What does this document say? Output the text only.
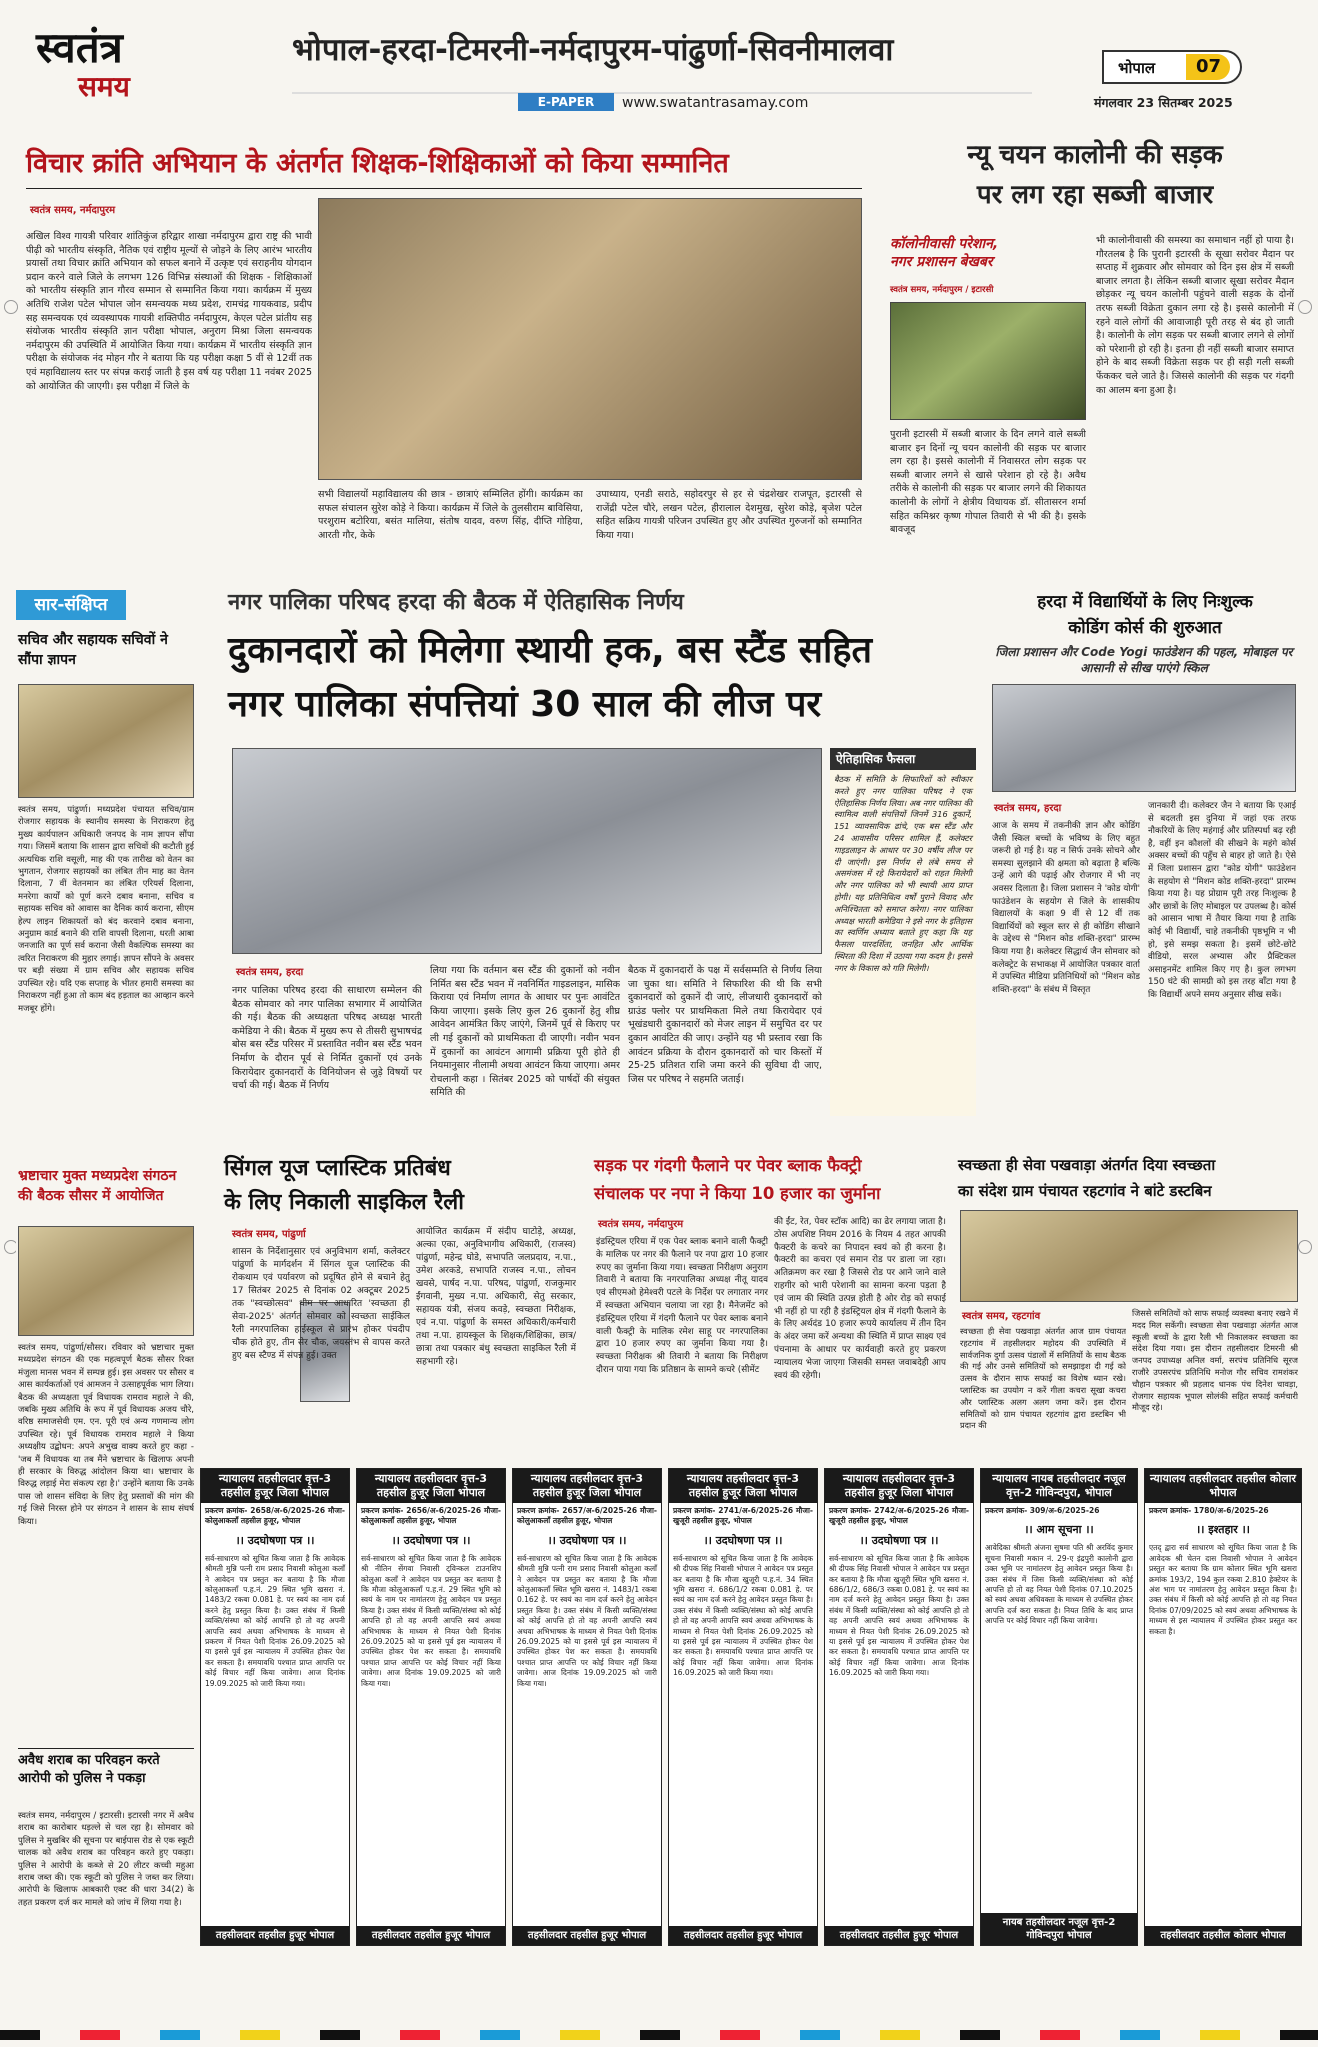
स्वतंत्र
समय
भोपाल-हरदा-टिमरनी-नर्मदापुरम-पांढुर्णा-सिवनीमालवा
E-PAPER	www.swatantrasamay.com
भोपाल 07
मंगलवार 23 सितम्बर 2025
विचार क्रांति अभियान के अंतर्गत शिक्षक-शिक्षिकाओं को किया सम्मानित
स्वतंत्र समय, नर्मदापुरम
अखिल विश्व गायत्री परिवार शांतिकुंज हरिद्वार शाखा नर्मदापुरम द्वारा राष्ट्र की भावी पीढ़ी को भारतीय संस्कृति, नैतिक एवं राष्ट्रीय मूल्यों से जोड़ने के लिए आरंभ भारतीय प्रयासों तथा विचार क्रांति अभियान को सफल बनाने में उत्कृष्ट एवं सराहनीय योगदान प्रदान करने वाले जिले के लगभग 126 विभिन्न संस्थाओं की शिक्षक - शिक्षिकाओं को भारतीय संस्कृति ज्ञान गौरव सम्मान से सम्मानित किया गया। कार्यक्रम में मुख्य अतिथि राजेश पटेल भोपाल जोन समन्वयक मध्य प्रदेश, रामचंद्र गायकवाड, प्रदीप सह समन्वयक एवं व्यवस्थापक गायत्री शक्तिपीठ नर्मदापुरम, केएल पटेल प्रांतीय सह संयोजक भारतीय संस्कृति ज्ञान परीक्षा भोपाल, अनुराग मिश्रा जिला समन्वयक नर्मदापुरम की उपस्थिति में आयोजित किया गया। कार्यक्रम में भारतीय संस्कृति ज्ञान परीक्षा के संयोजक नंद मोहन गौर ने बताया कि यह परीक्षा कक्षा 5 वीं से 12वीं तक एवं महाविद्यालय स्तर पर संपन्न कराई जाती है इस वर्ष यह परीक्षा 11 नवंबर 2025 को आयोजित की जाएगी। इस परीक्षा में जिले के
सभी विद्यालयों महाविद्यालय की छात्र - छात्राएं सम्मिलित होंगी। कार्यक्रम का सफल संचालन सुरेश कोड़े ने किया। कार्यक्रम में जिले के तुलसीराम बाविसिया, परशुराम बटोरिया, बसंत मालिया, संतोष यादव, वरुण सिंह, दीप्ति गोहिया, आरती गौर, केके
उपाध्याय, एनडी सराठे, सहोदरपुर से हर से चंद्रशेखर राजपूत, इटारसी से राजेंद्री पटेल चौरे, लखन पटेल, हीरालाल देशमुख, सुरेश कोड़े, बृजेश पटेल सहित सक्रिय गायत्री परिजन उपस्थित हुए और उपस्थित गुरुजनों को सम्मानित किया गया।
न्यू चयन कालोनी की सड़क
पर लग रहा सब्जी बाजार
कॉलोनीवासी परेशान,
नगर प्रशासन बेखबर
स्वतंत्र समय, नर्मदापुरम / इटारसी
पुरानी इटारसी में सब्जी बाजार के दिन लगने वाले सब्जी बाजार इन दिनों न्यू चयन कालोनी की सड़क पर बाजार लग रहा है। इससे कालोनी में निवासरत लोग सड़क पर सब्जी बाजार लगने से खासे परेशान हो रहे है। अवैध तरीके से कालोनी की सड़क पर बाजार लगने की शिकायत कालोनी के लोगों ने क्षेत्रीय विधायक डॉ. सीतासरन शर्मा सहित कमिश्नर कृष्ण गोपाल तिवारी से भी की है। इसके बावजूद
भी कालोनीवासी की समस्या का समाधान नहीं हो पाया है। गौरतलब है कि पुरानी इटारसी के सूखा सरोवर मैदान पर सप्ताह में शुक्रवार और सोमवार को दिन इस क्षेत्र में सब्जी बाजार लगता है। लेकिन सब्जी बाजार सूखा सरोवर मैदान छोड़कर न्यू चयन कालोनी पहुंचने वाली सड़क के दोनों तरफ सब्जी विक्रेता दुकान लगा रहे है। इससे कालोनी में रहने वाले लोगों की आवाजाही पूरी तरह से बंद हो जाती है। कालोनी के लोग सड़क पर सब्जी बाजार लगने से लोगों को परेशानी हो रही है। इतना ही नहीं सब्जी बाजार समाप्त होने के बाद सब्जी विक्रेता सड़क पर ही सड़ी गली सब्जी फेंककर चले जाते है। जिससे कालोनी की सड़क पर गंदगी का आलम बना हुआ है।
सार-संक्षिप्त
सचिव और सहायक सचिवों ने सौंपा ज्ञापन
स्वतंत्र समय, पांढुर्णा। मध्यप्रदेश पंचायत सचिव/ग्राम रोजगार सहायक के स्थानीय समस्या के निराकरण हेतु मुख्य कार्यपालन अधिकारी जनपद के नाम ज्ञापन सौंपा गया। जिसमें बताया कि शासन द्वारा सचिवों की कटौती हुई अत्यधिक राशि वसूली, माह की एक तारीख को वेतन का भुगतान, रोजगार सहायकों का लंबित तीन माह का वेतन दिलाना, 7 वीं वेतनमान का लंबित एरियर्स दिलाना, मनरेगा कार्यों को पूर्ण करने दबाव बनाना, सचिव व सहायक सचिव को आवास का दैनिक कार्य कराना, सीएम हेल्प लाइन शिकायतों को बंद करवाने दबाव बनाना, अनुग्राम कार्ड बनाने की राशि वापसी दिलाना, धरती आबा जनजाति का पूर्ण सर्व कराना जैसी वैकल्पिक समस्या का त्वरित निराकरण की मुहार लगाई। ज्ञापन सौंपने के अवसर पर बड़ी संख्या में ग्राम सचिव और सहायक सचिव उपस्थित रहे। यदि एक सप्ताह के भीतर हमारी समस्या का निराकरण नहीं हुआ तो काम बंद हड़ताल का आव्हान करने मजबूर होंगे।
भ्रष्टाचार मुक्त मध्यप्रदेश संगठन की बैठक सौसर में आयोजित
स्वतंत्र समय, पांढुर्णा/सौसर। रविवार को भ्रष्टाचार मुक्त मध्यप्रदेश संगठन की एक महत्वपूर्ण बैठक सौसर रिक्त मंजुला मानस भवन में सम्पन्न हुई। इस अवसर पर सौसर व आस कार्यकर्ताओं एवं आमजन ने उत्साहपूर्वक भाग लिया। बैठक की अध्यक्षता पूर्व विधायक रामराव महाले ने की, जबकि मुख्य अतिथि के रूप में पूर्व विधायक अजय चौरे, वरिष्ठ समाजसेवी एम. एन. पूरी एवं अन्य गणमान्य लोग उपस्थित रहे। पूर्व विधायक रामराव महाले ने किया अध्यक्षीय उद्बोधन: अपने अभुख वाक्य करते हुए कहा - 'जब मैं विधायक था तब मैंने भ्रष्टाचार के खिलाफ अपनी ही सरकार के विरुद्ध आंदोलन किया था। भ्रष्टाचार के विरुद्ध लड़ाई मेरा संकल्प रहा है।' उन्होंने बताया कि उनके पास जो शासन संविदा के लिए हेतु प्रस्तावों की मांग की गई जिसे निरस्त होने पर संगठन ने शासन के साथ संघर्ष किया।
अवैध शराब का परिवहन करते आरोपी को पुलिस ने पकड़ा
स्वतंत्र समय, नर्मदापुरम / इटारसी। इटारसी नगर में अवैध शराब का कारोबार धड़ल्ले से चल रहा है। सोमवार को पुलिस ने मुखबिर की सूचना पर बाईपास रोड से एक स्कूटी चालक को अवैध शराब का परिवहन करते हुए पकड़ा। पुलिस ने आरोपी के कब्जे से 20 लीटर कच्ची महुआ शराब जब्त की। एक स्कूटी को पुलिस ने जब्त कर लिया। आरोपी के खिलाफ आबकारी एक्ट की धारा 34(2) के तहत प्रकरण दर्ज कर मामले को जांच में लिया गया है।
नगर पालिका परिषद हरदा की बैठक में ऐतिहासिक निर्णय
दुकानदारों को मिलेगा स्थायी हक, बस स्टैंड सहित
नगर पालिका संपत्तियां 30 साल की लीज पर
ऐतिहासिक फैसला
बैठक में समिति के सिफारिशों को स्वीकार करते हुए नगर पालिका परिषद ने एक ऐतिहासिक निर्णय लिया। अब नगर पालिका की स्वामित्व वाली संपत्तियों जिनमें 316 दुकानें, 151 व्यावसायिक ढांचे, एक बस स्टैंड और 24 आवासीय परिसर शामिल हैं, कलेक्टर गाइडलाइन के आधार पर 30 वर्षीय लीज पर दी जाएंगी। इस निर्णय से लंबे समय से असमंजस में रहे किरायेदारों को राहत मिलेगी और नगर पालिका को भी स्थायी आय प्राप्त होगी। यह प्रतिनिधित्व वर्षों पुराने विवाद और अनिश्चितता को समाप्त करेगा। नगर पालिका अध्यक्ष भारती कमेडिया ने इसे नगर के इतिहास का स्वर्णिम अध्याय बताते हुए कहा कि यह फैसला पारदर्शिता, जनहित और आर्थिक स्थिरता की दिशा में उठाया गया कदम है। इससे नगर के विकास को गति मिलेगी।
स्वतंत्र समय, हरदा
नगर पालिका परिषद हरदा की साधारण सम्मेलन की बैठक सोमवार को नगर पालिका सभागार में आयोजित की गई। बैठक की अध्यक्षता परिषद अध्यक्ष भारती कमेडिया ने की। बैठक में मुख्य रूप से तीसरी सुभाषचंद्र बोस बस स्टैंड परिसर में प्रस्तावित नवीन बस स्टैंड भवन निर्माण के दौरान पूर्व से निर्मित दुकानों एवं उनके किरायेदार दुकानदारों के विनियोजन से जुड़े विषयों पर चर्चा की गई। बैठक में निर्णय
लिया गया कि वर्तमान बस स्टैंड की दुकानों को नवीन निर्मित बस स्टैंड भवन में नवनिर्मित गाइडलाइन, मासिक किराया एवं निर्माण लागत के आधार पर पुनः आवंटित किया जाएगा। इसके लिए कुल 26 दुकानों हेतु शीघ्र आवेदन आमंत्रित किए जाएंगे, जिनमें पूर्व से किराए पर ली गई दुकानों को प्राथमिकता दी जाएगी। नवीन भवन में दुकानों का आवंटन आगामी प्रक्रिया पूरी होते ही नियमानुसार नीलामी अथवा आवंटन किया जाएगा। अमर रोचलानी कहा । सितंबर 2025 को पार्षदों की संयुक्त समिति की
बैठक में दुकानदारों के पक्ष में सर्वसम्मति से निर्णय लिया जा चुका था। समिति ने सिफारिश की थी कि सभी दुकानदारों को दुकानें दी जाएं, लीजधारी दुकानदारों को ग्राउंड फ्लोर पर प्राथमिकता मिले तथा किरायेदार एवं भूखंडधारी दुकानदारों को मेजर लाइन में समुचित दर पर दुकान आवंटित की जाए। उन्होंने यह भी प्रस्ताव रखा कि आवंटन प्रक्रिया के दौरान दुकानदारों को चार किस्तों में 25-25 प्रतिशत राशि जमा करने की सुविधा दी जाए, जिस पर परिषद ने सहमति जताई।
हरदा में विद्यार्थियों के लिए निःशुल्क
कोडिंग कोर्स की शुरुआत
जिला प्रशासन और Code Yogi फाउंडेशन की पहल, मोबाइल पर आसानी से सीख पाएंगे स्किल
स्वतंत्र समय, हरदा
आज के समय में तकनीकी ज्ञान और कोडिंग जैसी स्किल बच्चों के भविष्य के लिए बहुत जरूरी हो गई है। यह न सिर्फ उनके सोचने और समस्या सुलझाने की क्षमता को बढ़ाता है बल्कि उन्हें आगे की पढ़ाई और रोजगार में भी नए अवसर दिलाता है। जिला प्रशासन ने 'कोड योगी' फाउंडेशन के सहयोग से जिले के शासकीय विद्यालयों के कक्षा 9 वीं से 12 वीं तक विद्यार्थियों को स्कूल स्तर से ही कोडिंग सीखाने के उद्देश्य से "मिशन कोड शक्ति-हरदा" प्रारम्भ किया गया है। कलेक्टर सिद्धार्थ जैन सोमवार को कलेक्ट्रेट के सभाकक्ष में आयोजित पत्रकार वार्ता में उपस्थित मीडिया प्रतिनिधियों को "मिशन कोड शक्ति-हरदा" के संबंध में विस्तृत
जानकारी दी। कलेक्टर जैन ने बताया कि एआई से बदलती इस दुनिया में जहां एक तरफ नौकरियों के लिए महंगाई और प्रतिस्पर्धा बढ़ रही है, वहीं इन कौशलों की सीखने के महंगे कोर्स अक्सर बच्चों की पहुँच से बाहर हो जाते है। ऐसे में जिला प्रशासन द्वारा "कोड योगी" फाउंडेशन के सहयोग से "मिशन कोड शक्ति-हरदा" प्रारम्भ किया गया है। यह प्रोग्राम पूरी तरह निःशुल्क है और छात्रों के लिए मोबाइल पर उपलब्ध है। कोर्स को आसान भाषा में तैयार किया गया है ताकि कोई भी विद्यार्थी, चाहे तकनीकी पृष्ठभूमि न भी हो, इसे समझ सकता है। इसमें छोटे-छोटे वीडियो, सरल अभ्यास और प्रैक्टिकल असाइनमेंट शामिल किए गए है। कुल लगभग 150 घंटे की सामग्री को इस तरह बाँटा गया है कि विद्यार्थी अपने समय अनुसार सीख सकें।
सिंगल यूज प्लास्टिक प्रतिबंध
के लिए निकाली साइकिल रैली
स्वतंत्र समय, पांढुर्णा
शासन के निर्देशानुसार एवं अनुविभाग शर्मा, कलेक्टर पांढुर्णा के मार्गदर्शन में सिंगल यूज प्लास्टिक की रोकथाम एवं पर्यावरण को प्रदूषित होने से बचाने हेतु 17 सितंबर 2025 से दिनांक 02 अक्टूबर 2025 तक "स्वच्छोत्सव" थीम पर आधारित 'स्वच्छता ही सेवा-2025' अंतर्गत सोमवार को स्वच्छता साईकिल रैली नगरपालिका हाईस्कूल से प्रारंभ होकर पंचदीप चौक होते हुए, तीन सेर चौक, जयस्तंभ से वापस करते हुए बस स्टैण्ड में संपन्न हुई। उक्त
आयोजित कार्यक्रम में संदीप घाटोड़े, अध्यक्ष, अल्का एका, अनुविभागीय अधिकारी, (राजस्व) पांढुर्णा, महेन्द्र घोडे, सभापति जलप्रदाय, न.पा., उमेश अरकडे, सभापति राजस्व न.पा., लोचन खवसे, पार्षद न.पा. परिषद, पांढुर्णा, राजकुमार ईंगवानी, मुख्य न.पा. अधिकारी, सेतु सरकार, सहायक यंत्री, संजय कवड़े, स्वच्छता निरीक्षक, एवं न.पा. पांढुर्णा के समस्त अधिकारी/कर्मचारी तथा न.पा. हायस्कूल के शिक्षक/शिक्षिका, छात्र/छात्रा तथा पत्रकार बंधु स्वच्छता साइकिल रैली में सहभागी रहे।
सड़क पर गंदगी फैलाने पर पेवर ब्लाक फैक्ट्री
संचालक पर नपा ने किया 10 हजार का जुर्माना
स्वतंत्र समय, नर्मदापुरम
इंडस्ट्रियल एरिया में एक पेवर ब्लाक बनाने वाली फैक्ट्री के मालिक पर नगर की फैलाने पर नपा द्वारा 10 हजार रुपए का जुर्माना किया गया। स्वच्छता निरीक्षण अनुराग तिवारी ने बताया कि नगरपालिका अध्यक्ष नीतू यादव एवं सीएमओ हेमेश्वरी पटले के निर्देश पर लगातार नगर में स्वच्छता अभियान चलाया जा रहा है। मैनेजमेंट को इंडस्ट्रियल एरिया में गंदगी फैलाने पर पेवर ब्लाक बनाने वाली फैक्ट्री के मालिक रमेश साहू पर नगरपालिका द्वारा 10 हजार रुपए का जुर्माना किया गया है। स्वच्छता निरीक्षक श्री तिवारी ने बताया कि निरीक्षण दौरान पाया गया कि प्रतिष्ठान के सामने कचरे (सीमेंट
की ईंट, रेत, पेवर स्टॉक आदि) का ढेर लगाया जाता है। ठोस अपशिष्ट नियम 2016 के नियम 4 तहत आपकी फैक्टरी के कचरे का निपादन स्वयं को ही करना है। फैक्टरी का कचरा एवं समान रोड पर डाला जा रहा। अतिक्रमण कर रखा है जिससे रोड पर आने जाने वाले राहगीर को भारी परेशानी का सामना करना पड़ता है एवं जाम की स्थिति उत्पन्न होती है ओर रोड़ को सफाई भी नहीं हो पा रही है इंडस्ट्रियल क्षेत्र में गंदगी फैलाने के के लिए अर्थदंड 10 हजार रूपये कार्यालय में तीन दिन के अंदर जमा करें अन्यथा की स्थिति में प्राप्त साक्ष्य एवं पंचनामा के आधार पर कार्यवाही करते हुए प्रकरण न्यायालय भेजा जाएगा जिसकी समस्त जवाबदेही आप स्वयं की रहेगी।
स्वच्छता ही सेवा पखवाड़ा अंतर्गत दिया स्वच्छता
का संदेश ग्राम पंचायत रहटगांव ने बांटे डस्टबिन
स्वतंत्र समय, रहटगांव
स्वच्छता ही सेवा पखवाड़ा अंतर्गत आज ग्राम पंचायत रहटगांव में तहसीलदार महोदय की उपस्थिति में सार्वजनिक दुर्गा उत्सव पंडालों में समितियों के साथ बैठक की गई और उनसे समितियों को समझाइश दी गई को उत्सव के दौरान साफ सफाई का विशेष ध्यान रखे। प्लास्टिक का उपयोग न करें गीला कचरा सूखा कचरा और प्लास्टिक अलग अलग जमा करें। इस दौरान समितियों को ग्राम पंचायत रहटगांव द्वारा डस्टबिन भी प्रदान की
जिससे समितियों को साफ सफाई व्यवस्था बनाए रखने में मदद मिल सकेंगी। स्वच्छता सेवा पखवाड़ा अंतर्गत आज स्कूली बच्चों के द्वारा रैली भी निकालकर स्वच्छता का संदेश दिया गया। इस दौरान तहसीलदार टिमरनी श्री जनपद उपाध्यक्ष अनिल वर्मा, सरपंच प्रतिनिधि सूरज राजौरे उपसरपंच प्रतिनिधि मनोज गौर सचिव रामशंकर चौहान पत्रकार श्री प्रहलाद धानक पंच दिनेश चावड़ा, रोजगार सहायक भूपाल सोलंकी सहित सफाई कर्मचारी मौजूद रहे।
न्यायालय तहसीलदार वृत्त-3 तहसील हुजूर जिला भोपाल
प्रकरण क्रमांक- 2658/अ-6/2025-26 मौजा- कोलुआकलाँ तहसील हुजूर, भोपाल
।। उदघोषणा पत्र ।।
सर्व-साधारण को सूचित किया जाता है कि आवेदक श्रीमती मुन्नि पत्नी राम प्रसाद निवासी कोलुआ कलाँ ने आवेदन पत्र प्रस्तुत कर बताया है कि मौजा कोलुआकलाँ प.ह.नं. 29 स्थित भूमि खसरा नं. 1483/2 रकबा 0.081 हे. पर स्वयं का नाम दर्ज करने हेतु प्रस्तुत किया है। उक्त संबंध में किसी व्यक्ति/संस्था को कोई आपत्ति हो तो वह अपनी आपत्ति स्वयं अथवा अभिभाषक के माध्यम से प्रकरण में नियत पेशी दिनांक 26.09.2025 को या इससे पूर्व इस न्यायालय में उपस्थित होकर पेश कर सकता है। समयावधि पश्चात प्राप्त आपत्ति पर कोई विचार नहीं किया जावेगा। आज दिनांक 19.09.2025 को जारी किया गया।
तहसीलदार तहसील हुजूर भोपाल
न्यायालय तहसीलदार वृत्त-3 तहसील हुजूर जिला भोपाल
प्रकरण क्रमांक- 2656/अ-6/2025-26 मौजा- कोलुआकलाँ तहसील हुजूर, भोपाल
।। उदघोषणा पत्र ।।
सर्व-साधारण को सूचित किया जाता है कि आवेदक श्री नीतिन सेंगवा निवासी ट्विन्कल टाउनशिप कोलुआ कलाँ ने आवेदन पत्र प्रस्तुत कर बताया है कि मौजा कोलुआकलाँ प.ह.नं. 29 स्थित भूमि को स्वयं के नाम पर नामांतरण हेतु आवेदन पत्र प्रस्तुत किया है। उक्त संबंध में किसी व्यक्ति/संस्था को कोई आपत्ति हो तो वह अपनी आपत्ति स्वयं अथवा अभिभाषक के माध्यम से नियत पेशी दिनांक 26.09.2025 को या इससे पूर्व इस न्यायालय में उपस्थित होकर पेश कर सकता है। समयावधि पश्चात प्राप्त आपत्ति पर कोई विचार नहीं किया जावेगा। आज दिनांक 19.09.2025 को जारी किया गया।
तहसीलदार तहसील हुजूर भोपाल
न्यायालय तहसीलदार वृत्त-3 तहसील हुजूर जिला भोपाल
प्रकरण क्रमांक- 2657/अ-6/2025-26 मौजा- कोलुआकलाँ तहसील हुजूर, भोपाल
।। उदघोषणा पत्र ।।
सर्व-साधारण को सूचित किया जाता है कि आवेदक श्रीमती मुन्नि पत्नी राम प्रसाद निवासी कोलुआ कलाँ ने आवेदन पत्र प्रस्तुत कर बताया है कि मौजा कोलुआकलाँ स्थित भूमि खसरा नं. 1483/1 रकबा 0.162 हे. पर स्वयं का नाम दर्ज करने हेतु आवेदन प्रस्तुत किया है। उक्त संबंध में किसी व्यक्ति/संस्था को कोई आपत्ति हो तो वह अपनी आपत्ति स्वयं अथवा अभिभाषक के माध्यम से नियत पेशी दिनांक 26.09.2025 को या इससे पूर्व इस न्यायालय में उपस्थित होकर पेश कर सकता है। समयावधि पश्चात प्राप्त आपत्ति पर कोई विचार नहीं किया जावेगा। आज दिनांक 19.09.2025 को जारी किया गया।
तहसीलदार तहसील हुजूर भोपाल
न्यायालय तहसीलदार वृत्त-3 तहसील हुजूर जिला भोपाल
प्रकरण क्रमांक- 2741/अ-6/2025-26 मौजा- खुजूरी तहसील हुजूर, भोपाल
।। उदघोषणा पत्र ।।
सर्व-साधारण को सूचित किया जाता है कि आवेदक श्री दीपक सिंह निवासी भोपाल ने आवेदन पत्र प्रस्तुत कर बताया है कि मौजा खुजूरी प.ह.नं. 34 स्थित भूमि खसरा नं. 686/1/2 रकबा 0.081 हे. पर स्वयं का नाम दर्ज करने हेतु आवेदन प्रस्तुत किया है। उक्त संबंध में किसी व्यक्ति/संस्था को कोई आपत्ति हो तो वह अपनी आपत्ति स्वयं अथवा अभिभाषक के माध्यम से नियत पेशी दिनांक 26.09.2025 को या इससे पूर्व इस न्यायालय में उपस्थित होकर पेश कर सकता है। समयावधि पश्चात प्राप्त आपत्ति पर कोई विचार नहीं किया जावेगा। आज दिनांक 16.09.2025 को जारी किया गया।
तहसीलदार तहसील हुजूर भोपाल
न्यायालय तहसीलदार वृत्त-3 तहसील हुजूर जिला भोपाल
प्रकरण क्रमांक- 2742/अ-6/2025-26 मौजा- खुजूरी तहसील हुजूर, भोपाल
।। उदघोषणा पत्र ।।
सर्व-साधारण को सूचित किया जाता है कि आवेदक श्री दीपक सिंह निवासी भोपाल ने आवेदन पत्र प्रस्तुत कर बताया है कि मौजा खुजूरी स्थित भूमि खसरा नं. 686/1/2, 686/3 रकबा 0.081 हे. पर स्वयं का नाम दर्ज करने हेतु आवेदन प्रस्तुत किया है। उक्त संबंध में किसी व्यक्ति/संस्था को कोई आपत्ति हो तो वह अपनी आपत्ति स्वयं अथवा अभिभाषक के माध्यम से नियत पेशी दिनांक 26.09.2025 को या इससे पूर्व इस न्यायालय में उपस्थित होकर पेश कर सकता है। समयावधि पश्चात प्राप्त आपत्ति पर कोई विचार नहीं किया जावेगा। आज दिनांक 16.09.2025 को जारी किया गया।
तहसीलदार तहसील हुजूर भोपाल
न्यायालय नायब तहसीलदार नजूल वृत्त-2 गोविन्दपुरा, भोपाल
प्रकरण क्रमांक- 309/अ-6/2025-26
।। आम सूचना ।।
आवेदिका श्रीमती अंजना सुषमा पति श्री अरविंद कुमार सूचना निवासी मकान नं. 29-ए इंद्रपुरी कालोनी द्वारा उक्त भूमि पर नामांतरण हेतु आवेदन प्रस्तुत किया है। उक्त संबंध में जिस किसी व्यक्ति/संस्था को कोई आपत्ति हो तो वह नियत पेशी दिनांक 07.10.2025 को स्वयं अथवा अधिवक्ता के माध्यम से उपस्थित होकर आपत्ति दर्ज करा सकता है। नियत तिथि के बाद प्राप्त आपत्ति पर कोई विचार नहीं किया जावेगा।
नायब तहसीलदार नजूल वृत्त-2 गोविन्दपुरा भोपाल
न्यायालय तहसीलदार तहसील कोलार भोपाल
प्रकरण क्रमांक- 1780/अ-6/2025-26
।। इश्तहार ।।
एतद् द्वारा सर्व साधारण को सूचित किया जाता है कि आवेदक श्री चेतन दास निवासी भोपाल ने आवेदन प्रस्तुत कर बताया कि ग्राम कोलार स्थित भूमि खसरा क्रमांक 193/2, 194 कुल रकबा 2.810 हेक्टेयर के अंश भाग पर नामांतरण हेतु आवेदन प्रस्तुत किया है। उक्त संबंध में किसी को कोई आपत्ति हो तो वह नियत दिनांक 07/09/2025 को स्वयं अथवा अभिभाषक के माध्यम से इस न्यायालय में उपस्थित होकर प्रस्तुत कर सकता है।
तहसीलदार तहसील कोलार भोपाल
